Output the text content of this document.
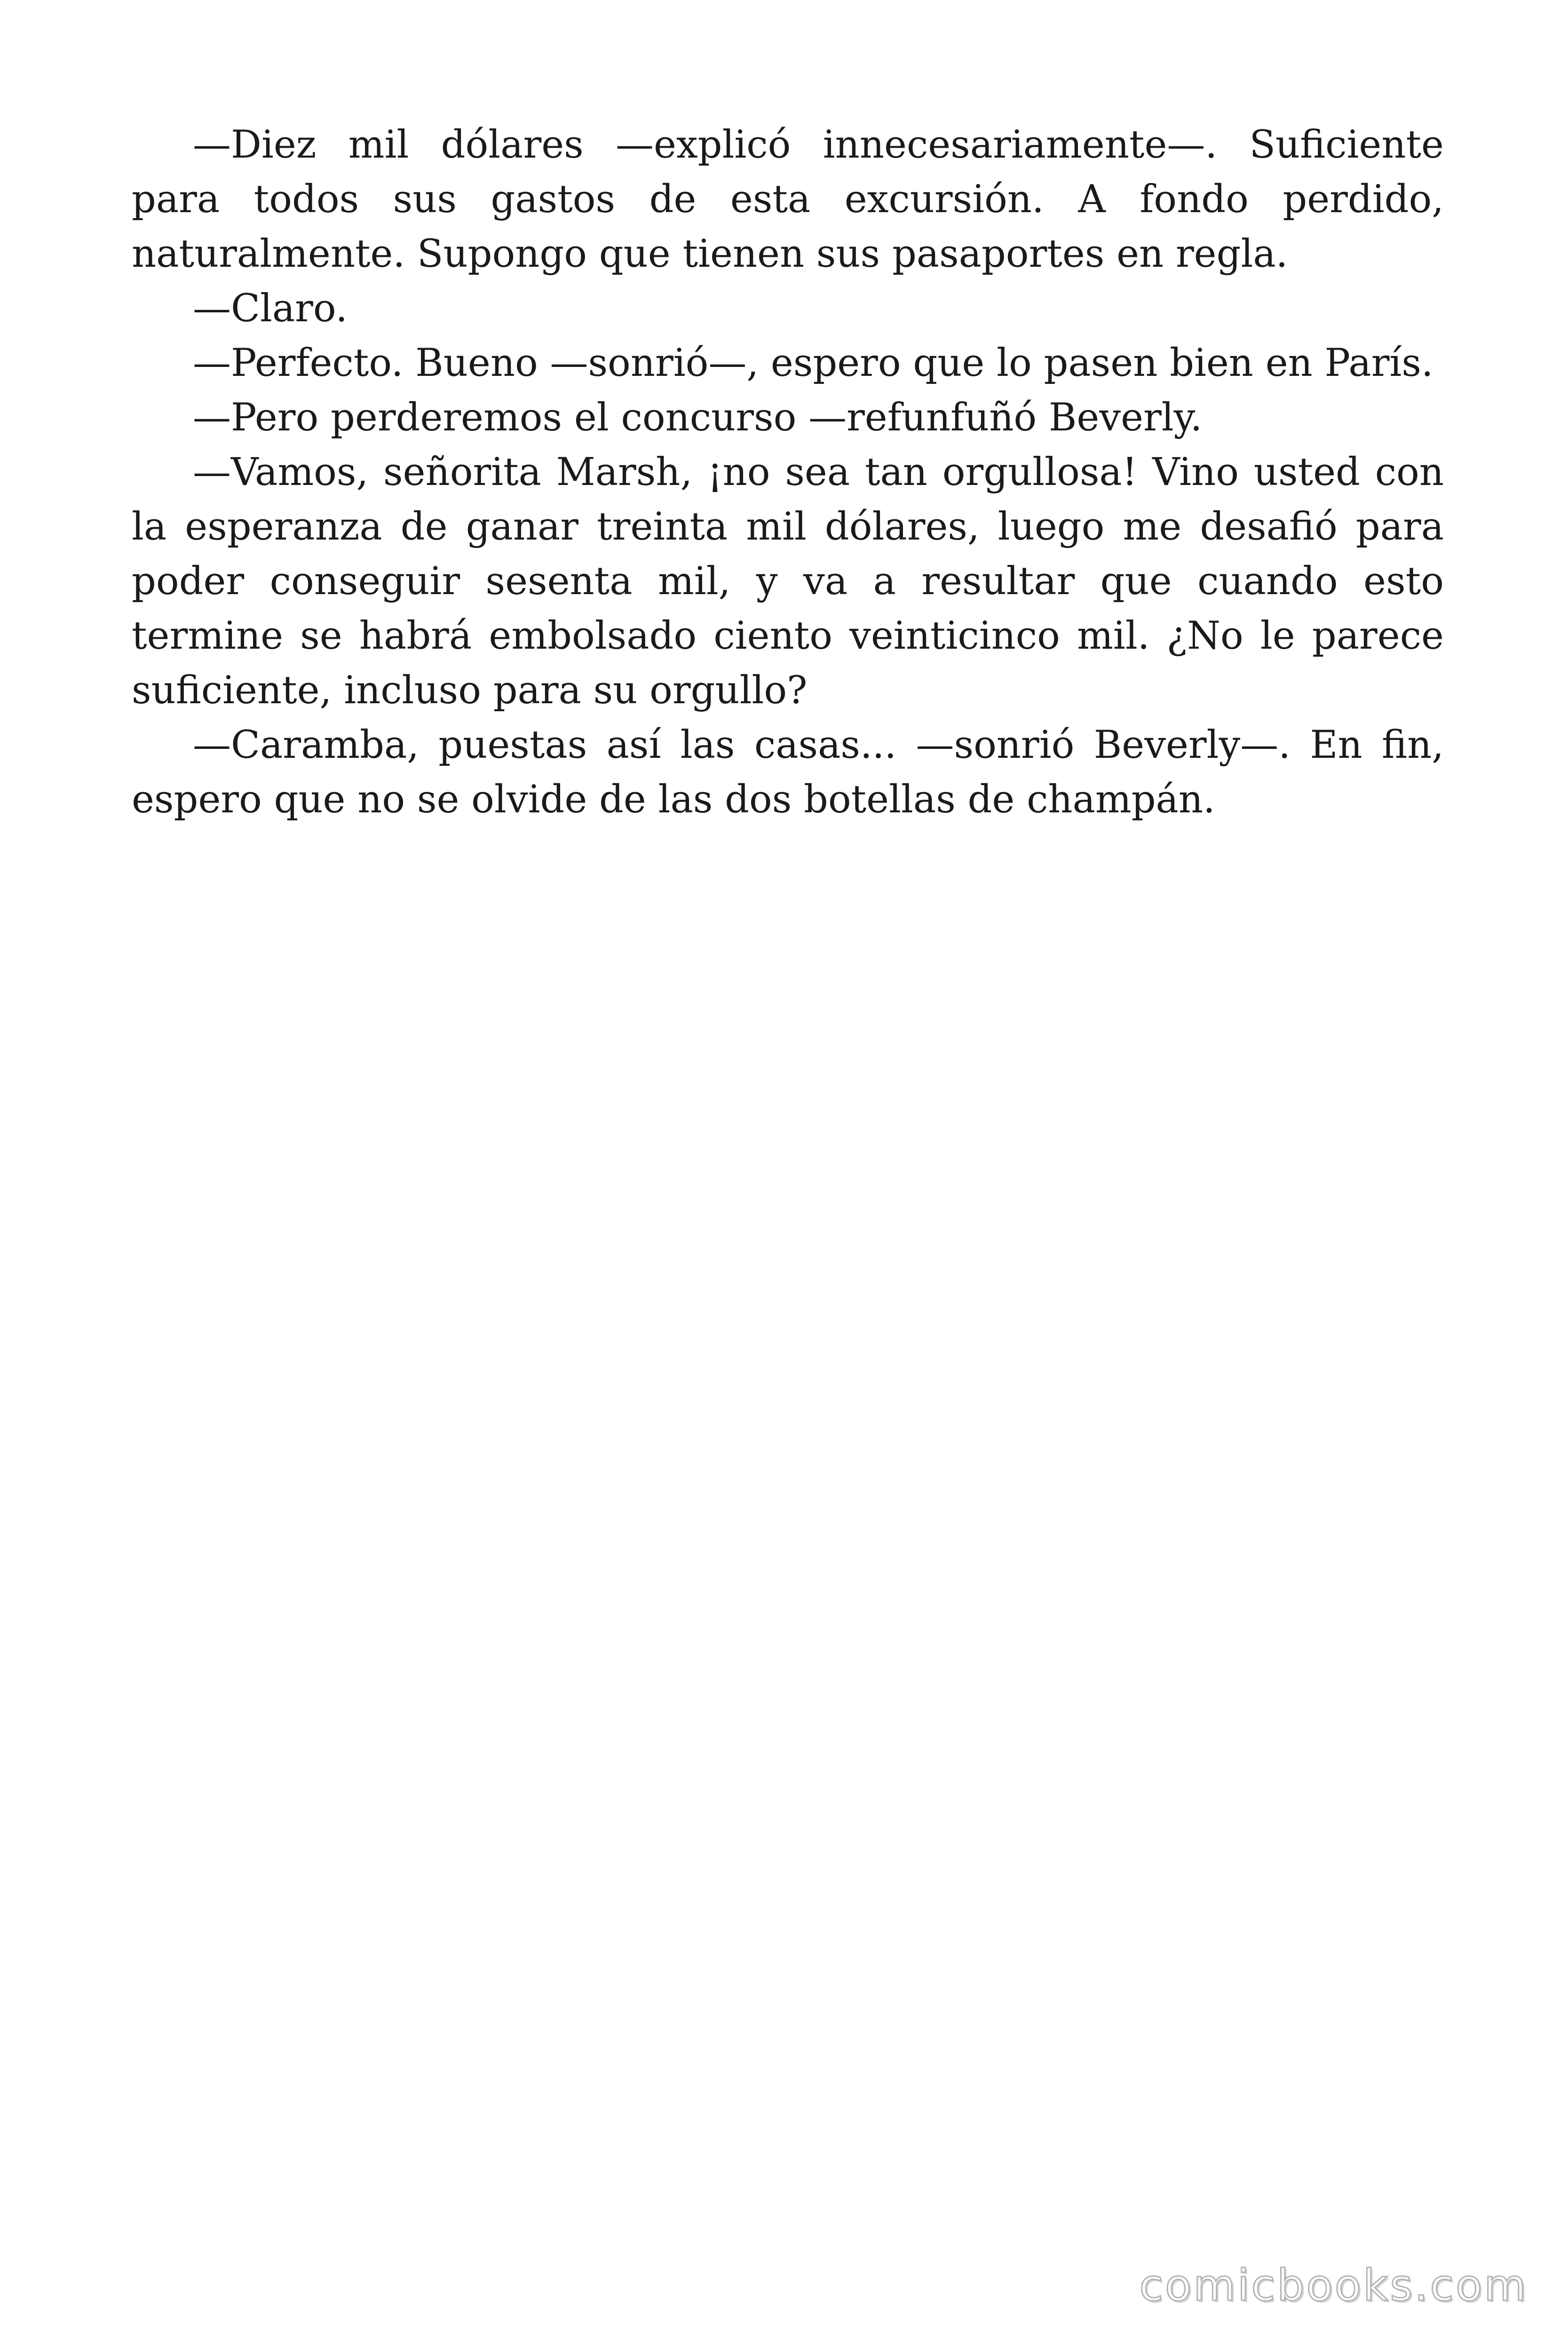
—Diez mil dólares —explicó innecesariamente—. Suficiente para todos sus gastos de esta excursión. A fondo perdido, naturalmente. Supongo que tienen sus pasaportes en regla.

—Claro.

—Perfecto. Bueno —sonrió—, espero que lo pasen bien en París.

—Pero perderemos el concurso —refunfuñó Beverly.

—Vamos, señorita Marsh, ¡no sea tan orgullosa! Vino usted con la esperanza de ganar treinta mil dólares, luego me desafió para poder conseguir sesenta mil, y va a resultar que cuando esto termine se habrá embolsado ciento veinticinco mil. ¿No le parece suficiente, incluso para su orgullo?

—Caramba, puestas así las casas... —sonrió Beverly—. En fin, espero que no se olvide de las dos botellas de champán.

comicbooks.com
